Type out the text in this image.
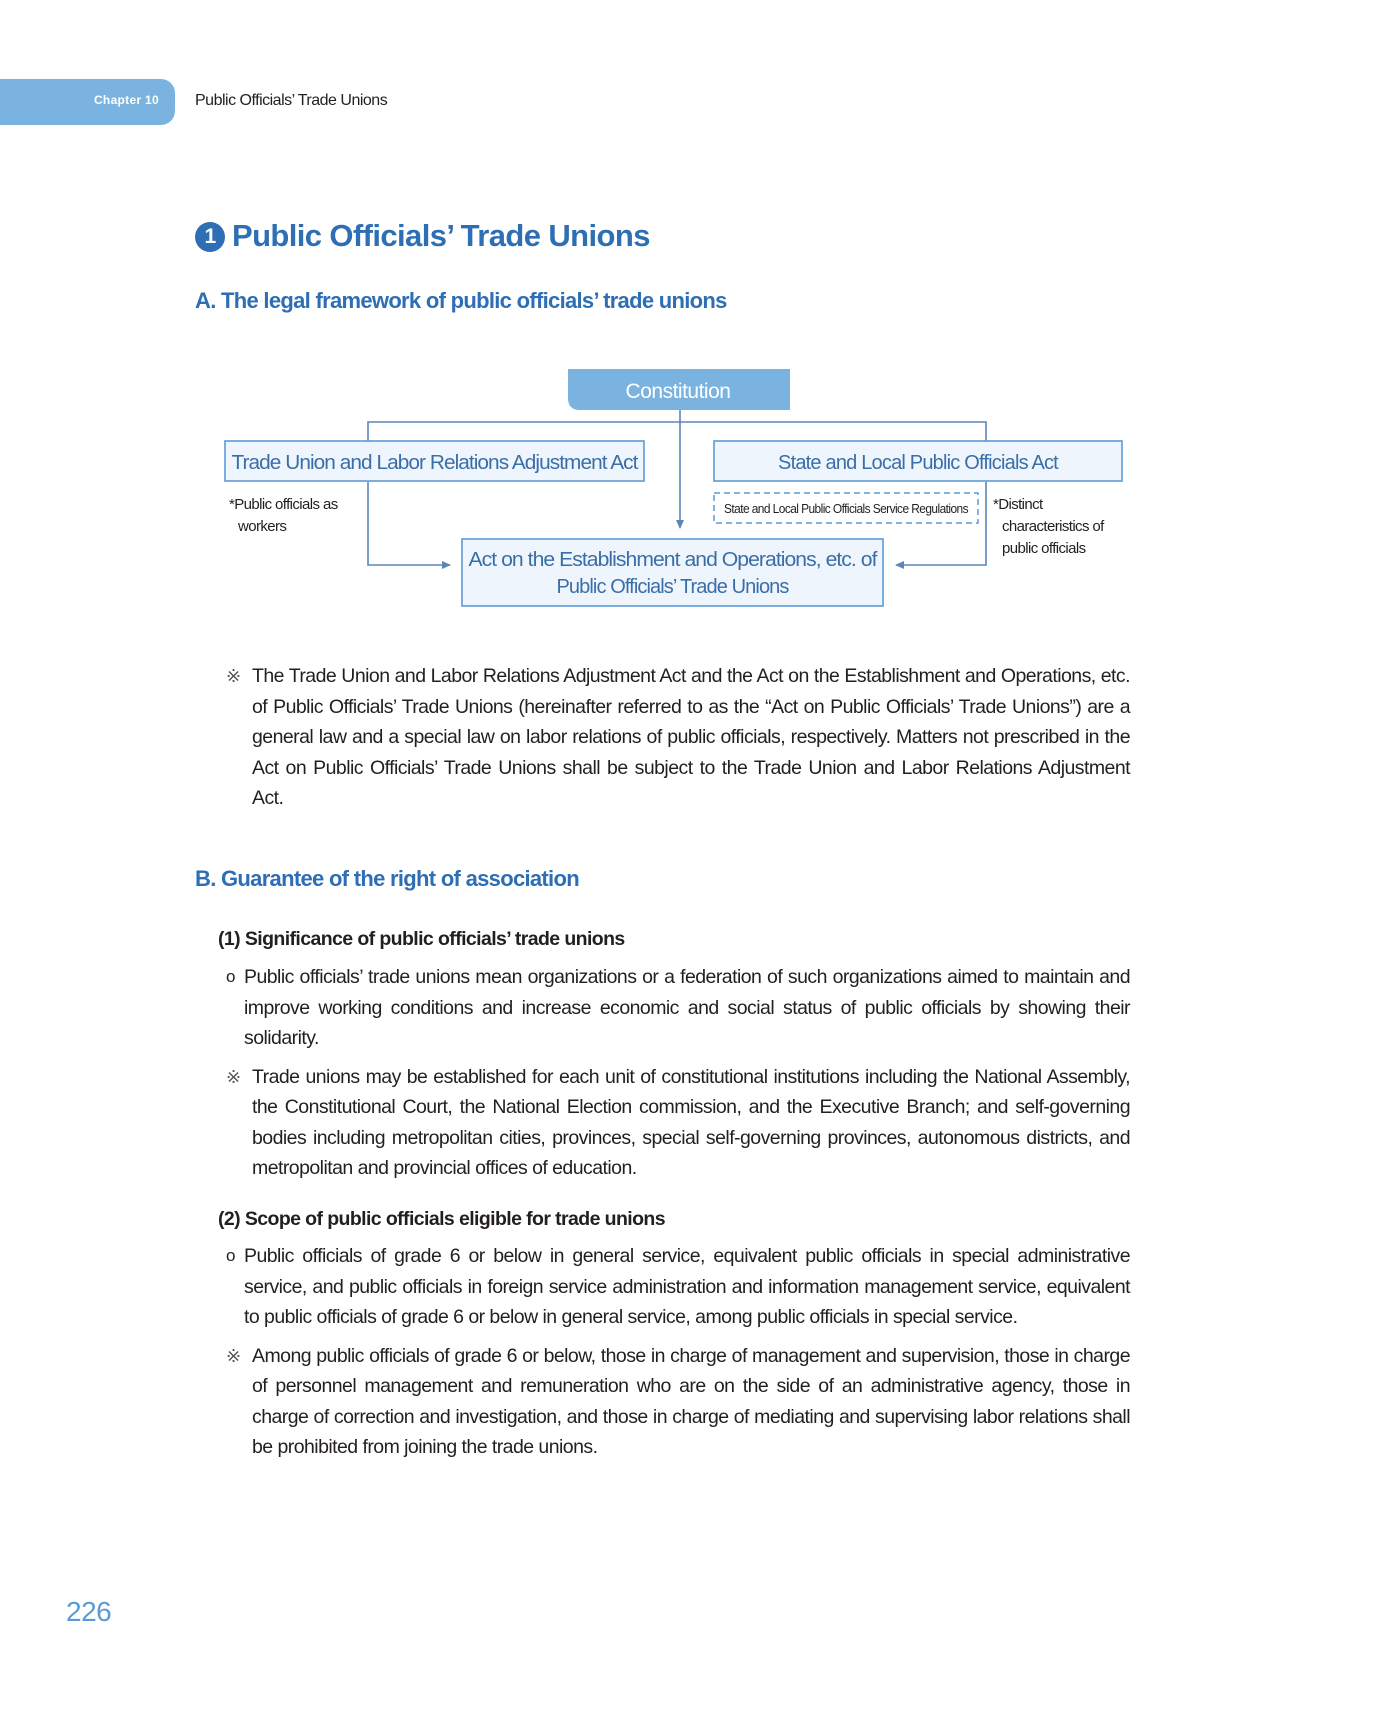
Chapter 10 Public Officials’ Trade Unions
1 Public Officials’ Trade Unions
A. The legal framework of public officials’ trade unions
Constitution
Trade Union and Labor Relations Adjustment Act	State and Local Public Officials Act
State and Local Public Officials Service Regulations
Act on the Establishment and Operations, etc. of
Public Officials’ Trade Unions
*Public officials as
workers
*Distinct
characteristics of
public officials
※ The Trade Union and Labor Relations Adjustment Act and the Act on the Establishment and Operations, etc. of Public Officials’ Trade Unions (hereinafter referred to as the “Act on Public Officials’ Trade Unions”) are a general law and a special law on labor relations of public officials, respectively. Matters not prescribed in the Act on Public Officials’ Trade Unions shall be subject to the Trade Union and Labor Relations Adjustment Act.
B. Guarantee of the right of association
(1) Significance of public officials’ trade unions
o Public officials’ trade unions mean organizations or a federation of such organizations aimed to maintain and improve working conditions and increase economic and social status of public officials by showing their solidarity.
※ Trade unions may be established for each unit of constitutional institutions including the National Assembly, the Constitutional Court, the National Election commission, and the Executive Branch; and self-governing bodies including metropolitan cities, provinces, special self-governing provinces, autonomous districts, and metropolitan and provincial offices of education.
(2) Scope of public officials eligible for trade unions
o Public officials of grade 6 or below in general service, equivalent public officials in special administrative service, and public officials in foreign service administration and information management service, equivalent to public officials of grade 6 or below in general service, among public officials in special service.
※ Among public officials of grade 6 or below, those in charge of management and supervision, those in charge of personnel management and remuneration who are on the side of an administrative agency, those in charge of correction and investigation, and those in charge of mediating and supervising labor relations shall be prohibited from joining the trade unions.
226
